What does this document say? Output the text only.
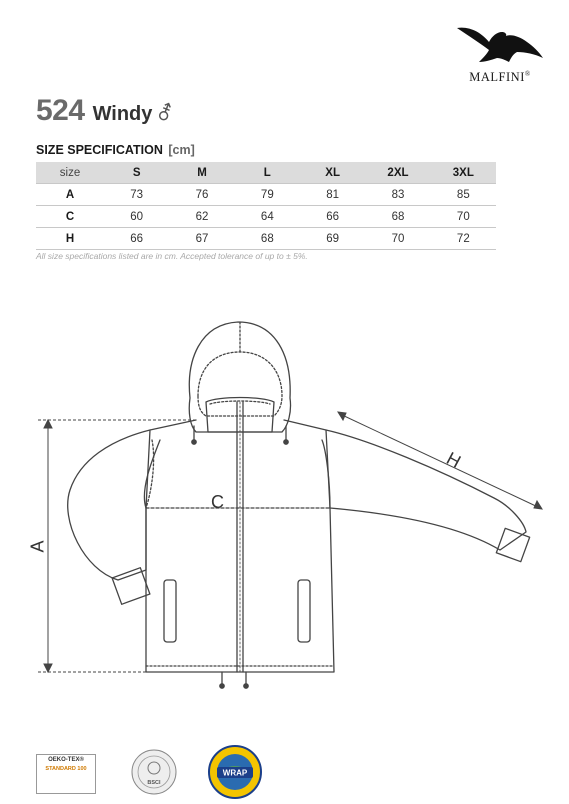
MALFINI®
524 Windy ⚦
SIZE SPECIFICATION [cm]
size	S	M	L	XL	2XL	3XL
A	73	76	79	81	83	85
C	60	62	64	66	68	70
H	66	67	68	69	70	72
All size specifications listed are in cm. Accepted tolerance of up to ± 5%.
A
C
H
OEKO-TEX®
STANDARD 100
BSCI
WRAP
